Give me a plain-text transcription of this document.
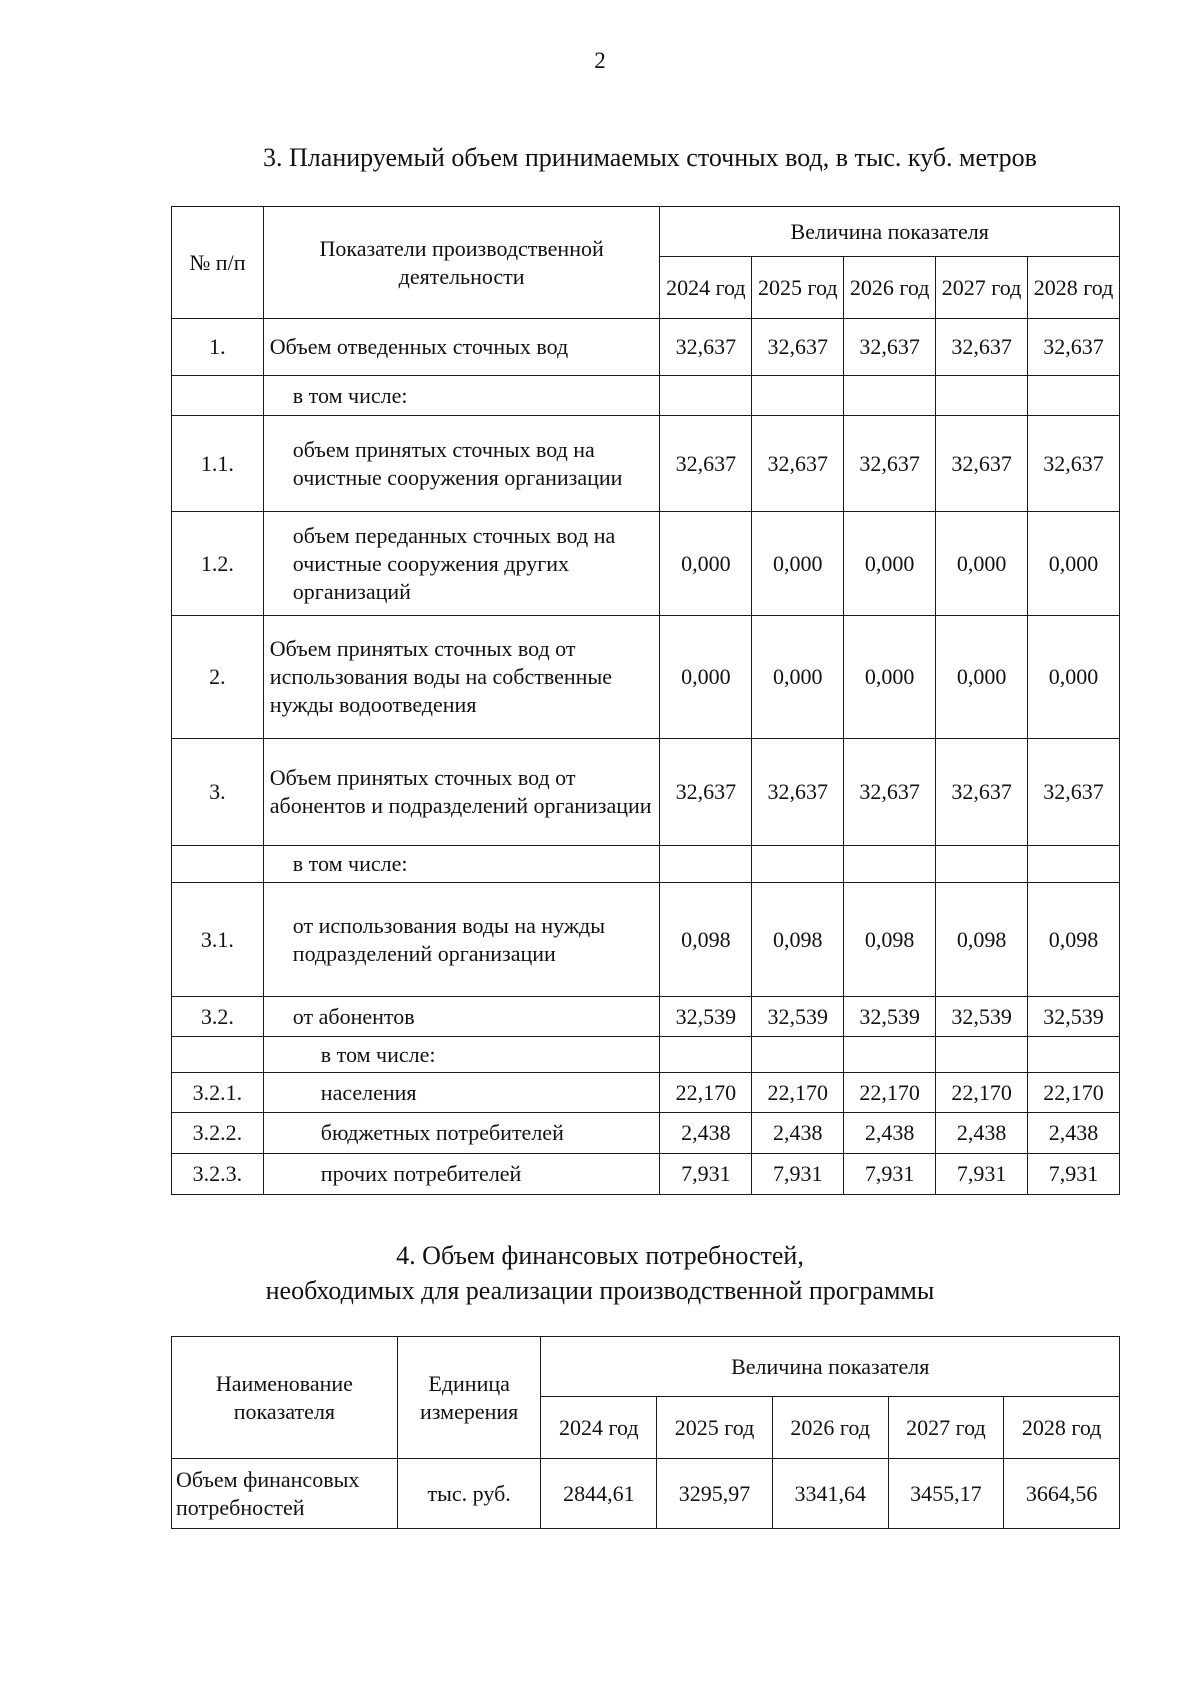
2
3. Планируемый объем принимаемых сточных вод, в тыс. куб. метров
№ п/п	Показатели производственной деятельности	Величина показателя				
		2024 год	2025 год	2026 год	2027 год	2028 год
1.	Объем отведенных сточных вод	32,637	32,637	32,637	32,637	32,637
	в том числе:					
1.1.	объем принятых сточных вод на очистные сооружения организации	32,637	32,637	32,637	32,637	32,637
1.2.	объем переданных сточных вод на очистные сооружения других организаций	0,000	0,000	0,000	0,000	0,000
2.	Объем принятых сточных вод от использования воды на собственные нужды водоотведения	0,000	0,000	0,000	0,000	0,000
3.	Объем принятых сточных вод от абонентов и подразделений организации	32,637	32,637	32,637	32,637	32,637
	в том числе:					
3.1.	от использования воды на нужды подразделений организации	0,098	0,098	0,098	0,098	0,098
3.2.	от абонентов	32,539	32,539	32,539	32,539	32,539
	в том числе:					
3.2.1.	населения	22,170	22,170	22,170	22,170	22,170
3.2.2.	бюджетных потребителей	2,438	2,438	2,438	2,438	2,438
3.2.3.	прочих потребителей	7,931	7,931	7,931	7,931	7,931
4. Объем финансовых потребностей,
необходимых для реализации производственной программы
Наименование показателя	Единица измерения	Величина показателя				
		2024 год	2025 год	2026 год	2027 год	2028 год
Объем финансовых потребностей	тыс. руб.	2844,61	3295,97	3341,64	3455,17	3664,56
